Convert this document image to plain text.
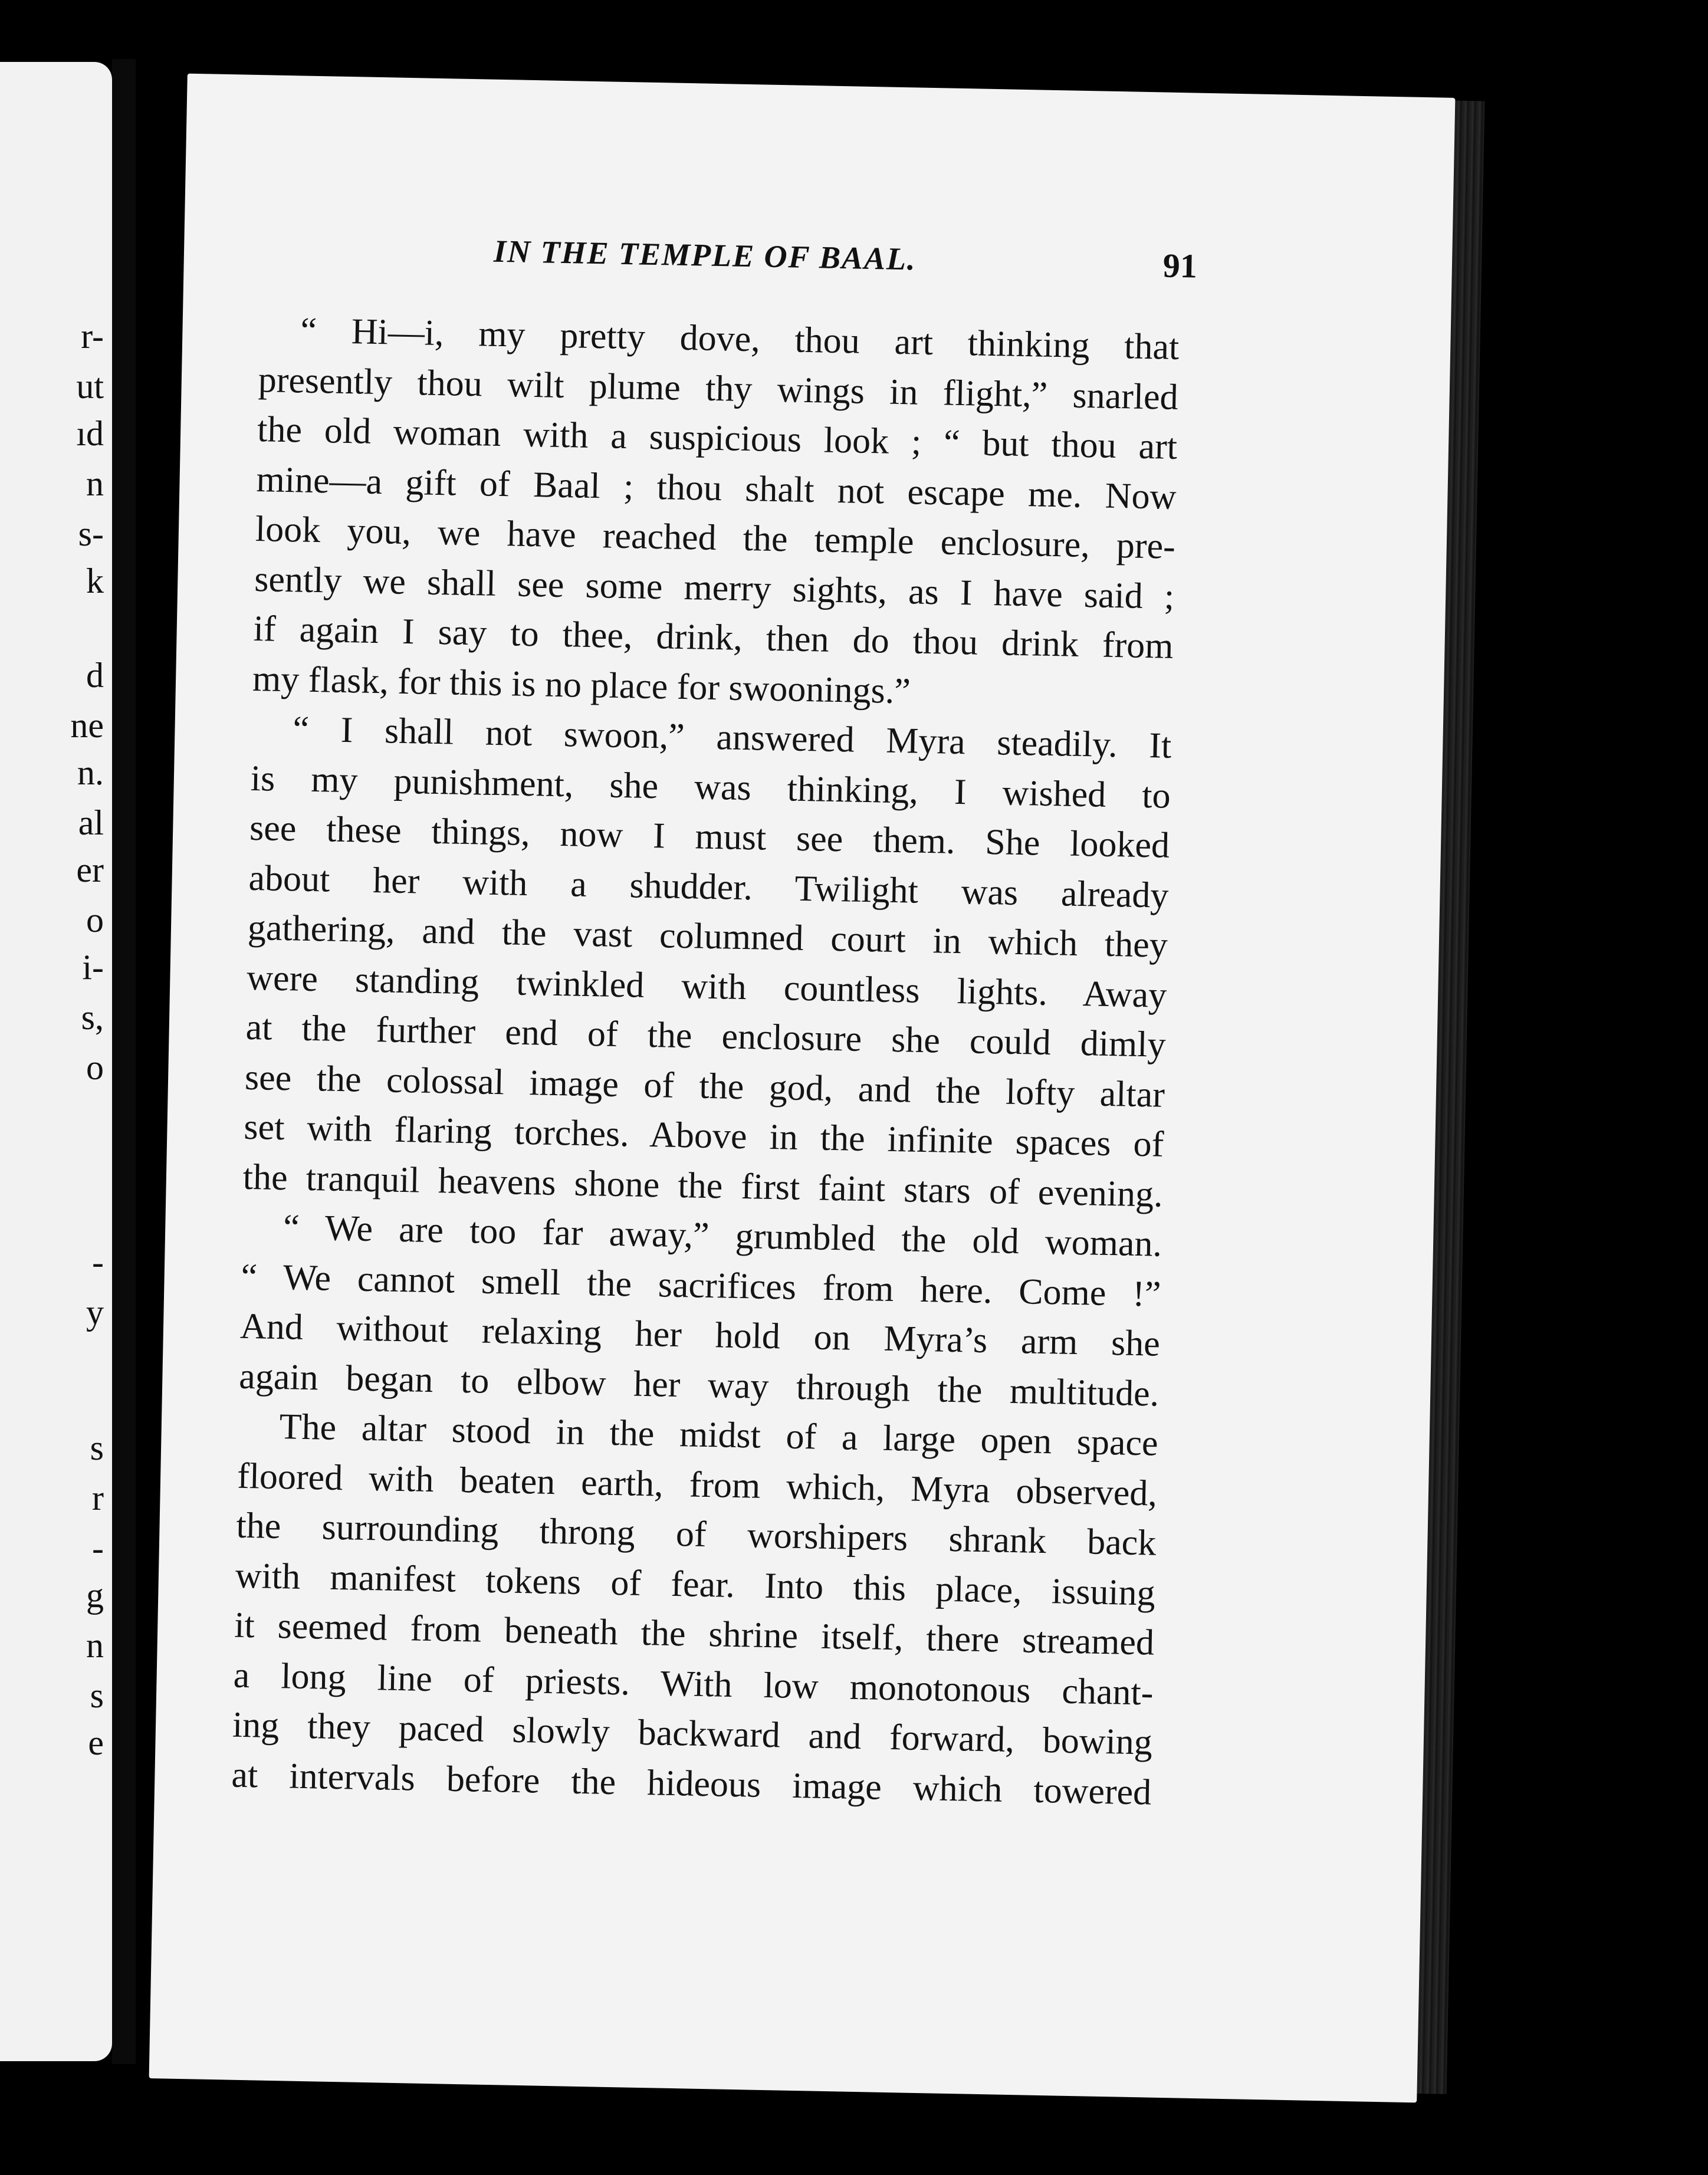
r-
ut
ıd
n
s-
k
d
ne
n.
al
er
o
i-
s,
o
-
y
s
r
-
g
n
s
e
IN THE TEMPLE OF BAAL.	91
“ Hi—i, my pretty dove, thou art thinking that
presently thou wilt plume thy wings in flight,” snarled
the old woman with a suspicious look ; “ but thou art
mine—a gift of Baal ; thou shalt not escape me. Now
look you, we have reached the temple enclosure, pre-
sently we shall see some merry sights, as I have said ;
if again I say to thee, drink, then do thou drink from
my flask, for this is no place for swoonings.”
“ I shall not swoon,” answered Myra steadily. It
is my punishment, she was thinking, I wished to
see these things, now I must see them. She looked
about her with a shudder. Twilight was already
gathering, and the vast columned court in which they
were standing twinkled with countless lights. Away
at the further end of the enclosure she could dimly
see the colossal image of the god, and the lofty altar
set with flaring torches. Above in the infinite spaces of
the tranquil heavens shone the first faint stars of evening.
“ We are too far away,” grumbled the old woman.
“ We cannot smell the sacrifices from here. Come !”
And without relaxing her hold on Myra’s arm she
again began to elbow her way through the multitude.
The altar stood in the midst of a large open space
floored with beaten earth, from which, Myra observed,
the surrounding throng of worshipers shrank back
with manifest tokens of fear. Into this place, issuing
it seemed from beneath the shrine itself, there streamed
a long line of priests. With low monotonous chant-
ing they paced slowly backward and forward, bowing
at intervals before the hideous image which towered
